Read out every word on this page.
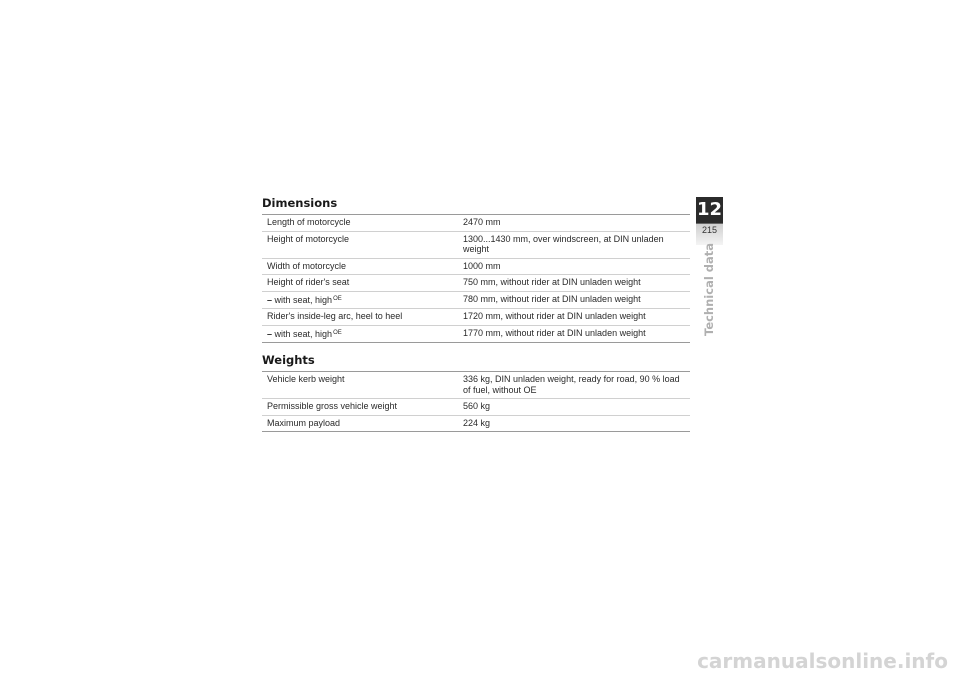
Dimensions
Length of motorcycle	2470 mm
Height of motorcycle	1300...1430 mm, over windscreen, at DIN unladen weight
Width of motorcycle	1000 mm
Height of rider's seat	750 mm, without rider at DIN unladen weight
– with seat, high$^{OE}$	780 mm, without rider at DIN unladen weight
Rider's inside-leg arc, heel to heel	1720 mm, without rider at DIN unladen weight
– with seat, high$^{OE}$	1770 mm, without rider at DIN unladen weight
Weights
Vehicle kerb weight	336 kg, DIN unladen weight, ready for road, 90 % load of fuel, without OE
Permissible gross vehicle weight	560 kg
Maximum payload	224 kg
12
215
Technical data
carmanualsonline.info
